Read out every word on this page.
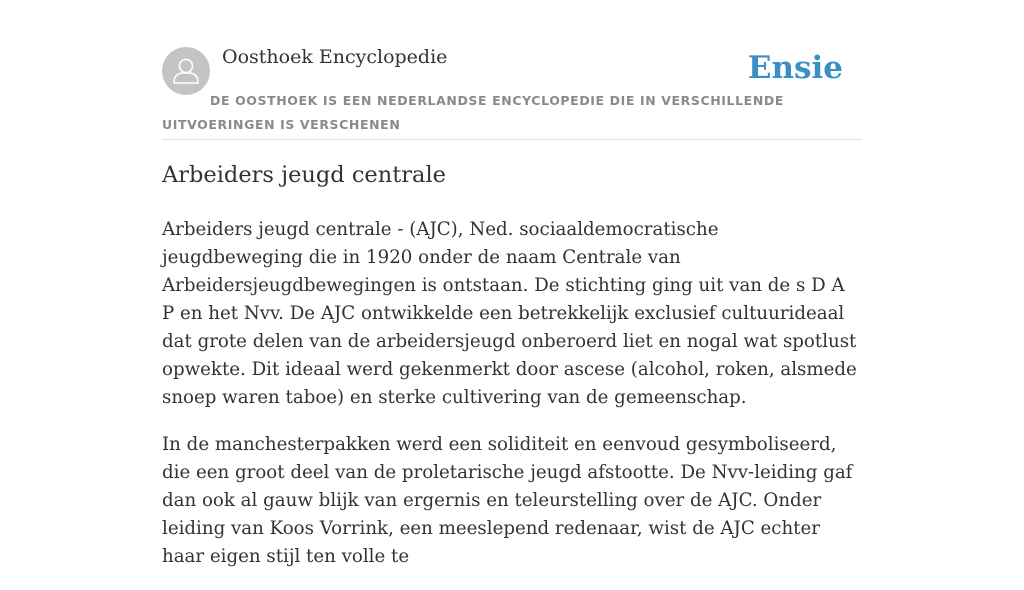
Oosthoek Encyclopedie	Ensie

DE OOSTHOEK IS EEN NEDERLANDSE ENCYCLOPEDIE DIE IN VERSCHILLENDE UITVOERINGEN IS VERSCHENEN

Arbeiders jeugd centrale

Arbeiders jeugd centrale - (AJC), Ned. sociaaldemocratische jeugdbeweging die in 1920 onder de naam Centrale van Arbeidersjeugdbewegingen is ontstaan. De stichting ging uit van de s D A P en het Nvv. De AJC ontwikkelde een betrekkelijk exclusief cultuurideaal dat grote delen van de arbeidersjeugd onberoerd liet en nogal wat spotlust opwekte. Dit ideaal werd gekenmerkt door ascese (alcohol, roken, alsmede snoep waren taboe) en sterke cultivering van de gemeenschap.

In de manchesterpakken werd een soliditeit en eenvoud gesymboliseerd, die een groot deel van de proletarische jeugd afstootte. De Nvv-leiding gaf dan ook al gauw blijk van ergernis en teleurstelling over de AJC. Onder leiding van Koos Vorrink, een meeslepend redenaar, wist de AJC echter haar eigen stijl ten volle te
